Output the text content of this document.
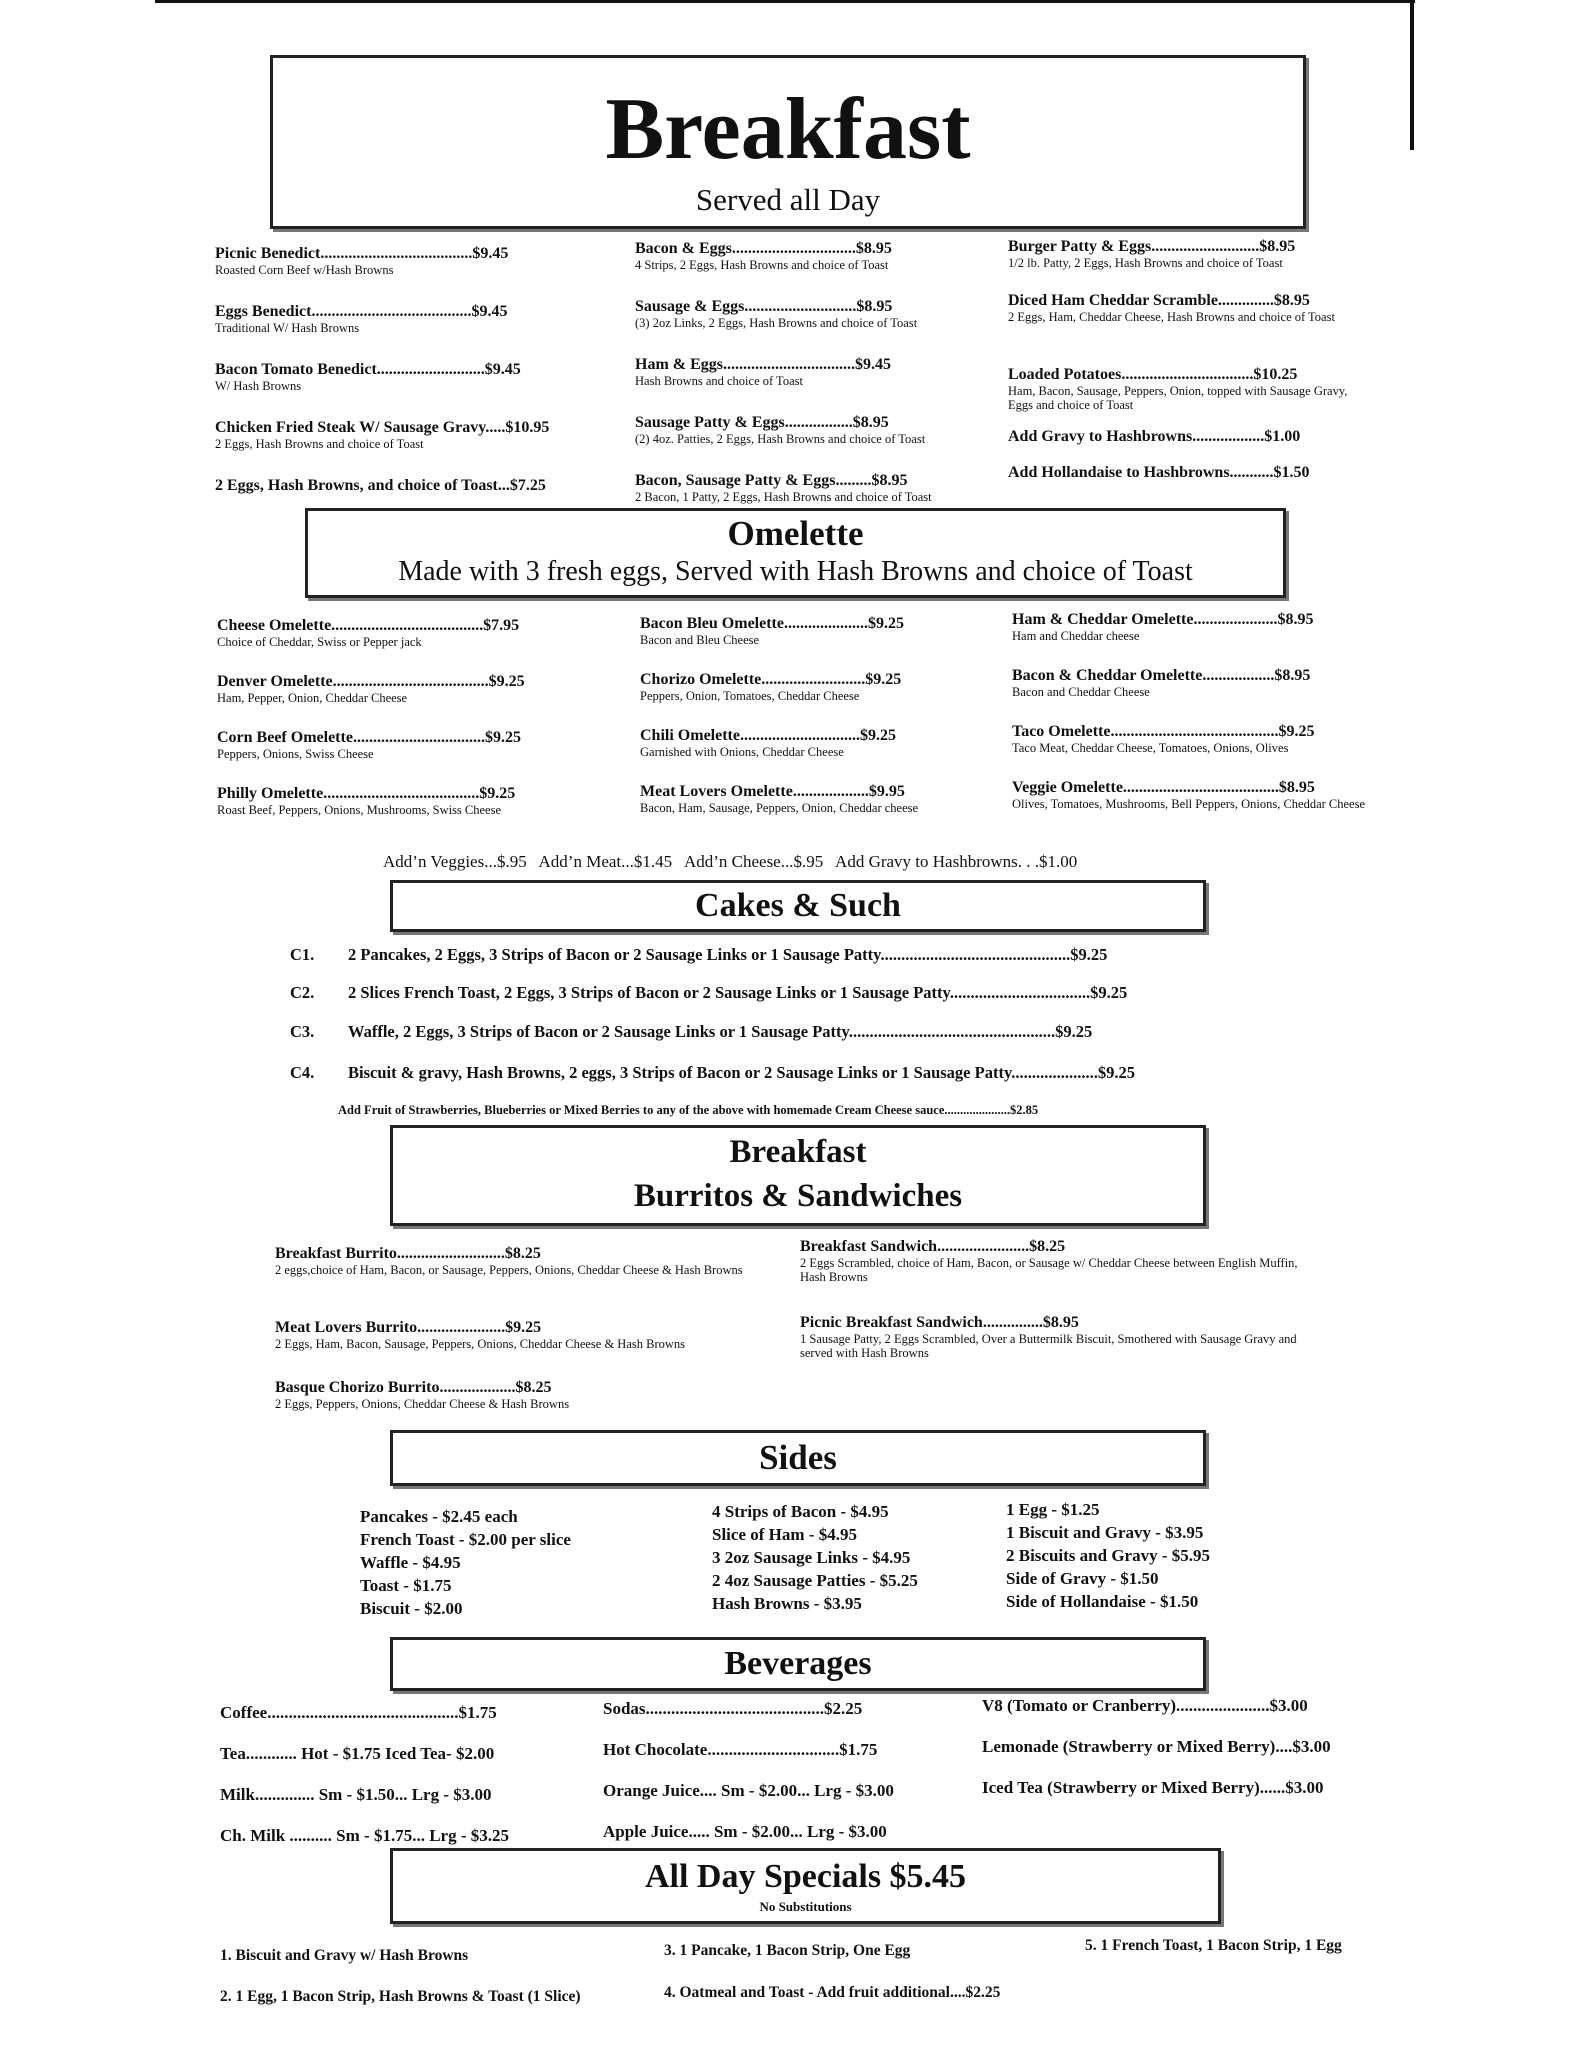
Breakfast
Served all Day
Picnic Benedict......................................$9.45
Roasted Corn Beef w/Hash Browns
Eggs Benedict........................................$9.45
Traditional W/ Hash Browns
Bacon Tomato Benedict...........................$9.45
W/ Hash Browns
Chicken Fried Steak W/ Sausage Gravy.....$10.95
2 Eggs, Hash Browns and choice of Toast
2 Eggs, Hash Browns, and choice of Toast...$7.25
Bacon & Eggs...............................$8.95
4 Strips, 2 Eggs, Hash Browns and choice of Toast
Sausage & Eggs............................$8.95
(3) 2oz Links, 2 Eggs, Hash Browns and choice of Toast
Ham & Eggs.................................$9.45
Hash Browns and choice of Toast
Sausage Patty & Eggs.................$8.95
(2) 4oz. Patties, 2 Eggs, Hash Browns and choice of Toast
Bacon, Sausage Patty & Eggs.........$8.95
2 Bacon, 1 Patty, 2 Eggs, Hash Browns and choice of Toast
Burger Patty & Eggs...........................$8.95
1/2 lb. Patty, 2 Eggs, Hash Browns and choice of Toast
Diced Ham Cheddar Scramble..............$8.95
2 Eggs, Ham, Cheddar Cheese, Hash Browns and choice of Toast
Loaded Potatoes.................................$10.25
Ham, Bacon, Sausage, Peppers, Onion, topped with Sausage Gravy, Eggs and choice of Toast
Add Gravy to Hashbrowns..................$1.00
Add Hollandaise to Hashbrowns...........$1.50
Omelette
Made with 3 fresh eggs, Served with Hash Browns and choice of Toast
Cheese Omelette......................................$7.95
Choice of Cheddar, Swiss or Pepper jack
Denver Omelette.......................................$9.25
Ham, Pepper, Onion, Cheddar Cheese
Corn Beef Omelette.................................$9.25
Peppers, Onions, Swiss Cheese
Philly Omelette.......................................$9.25
Roast Beef, Peppers, Onions, Mushrooms, Swiss Cheese
Bacon Bleu Omelette.....................$9.25
Bacon and Bleu Cheese
Chorizo Omelette..........................$9.25
Peppers, Onion, Tomatoes, Cheddar Cheese
Chili Omelette..............................$9.25
Garnished with Onions, Cheddar Cheese
Meat Lovers Omelette...................$9.95
Bacon, Ham, Sausage, Peppers, Onion, Cheddar cheese
Ham & Cheddar Omelette.....................$8.95
Ham and Cheddar cheese
Bacon & Cheddar Omelette..................$8.95
Bacon and Cheddar Cheese
Taco Omelette..........................................$9.25
Taco Meat, Cheddar Cheese, Tomatoes, Onions, Olives
Veggie Omelette.......................................$8.95
Olives, Tomatoes, Mushrooms, Bell Peppers, Onions, Cheddar Cheese
Add’n Veggies...$.95   Add’n Meat...$1.45   Add’n Cheese...$.95   Add Gravy to Hashbrowns. . .$1.00
Cakes & Such
C1. 2 Pancakes, 2 Eggs, 3 Strips of Bacon or 2 Sausage Links or 1 Sausage Patty..............................................$9.25
C2. 2 Slices French Toast, 2 Eggs, 3 Strips of Bacon or 2 Sausage Links or 1 Sausage Patty..................................$9.25
C3. Waffle, 2 Eggs, 3 Strips of Bacon or 2 Sausage Links or 1 Sausage Patty..................................................$9.25
C4. Biscuit & gravy, Hash Browns, 2 eggs, 3 Strips of Bacon or 2 Sausage Links or 1 Sausage Patty.....................$9.25
Add Fruit of Strawberries, Blueberries or Mixed Berries to any of the above with homemade Cream Cheese sauce.....................$2.85
Breakfast
Burritos & Sandwiches
Breakfast Burrito...........................$8.25
2 eggs,choice of Ham, Bacon, or Sausage, Peppers, Onions, Cheddar Cheese & Hash Browns
Meat Lovers Burrito......................$9.25
2 Eggs, Ham, Bacon, Sausage, Peppers, Onions, Cheddar Cheese & Hash Browns
Basque Chorizo Burrito...................$8.25
2 Eggs, Peppers, Onions, Cheddar Cheese & Hash Browns
Breakfast Sandwich.......................$8.25
2 Eggs Scrambled, choice of Ham, Bacon, or Sausage w/ Cheddar Cheese between English Muffin, Hash Browns
Picnic Breakfast Sandwich...............$8.95
1 Sausage Patty, 2 Eggs Scrambled, Over a Buttermilk Biscuit, Smothered with Sausage Gravy and served with Hash Browns
Sides
Pancakes - $2.45 each
French Toast - $2.00 per slice
Waffle - $4.95
Toast - $1.75
Biscuit - $2.00
4 Strips of Bacon - $4.95
Slice of Ham - $4.95
3 2oz Sausage Links - $4.95
2 4oz Sausage Patties - $5.25
Hash Browns - $3.95
1 Egg - $1.25
1 Biscuit and Gravy - $3.95
2 Biscuits and Gravy - $5.95
Side of Gravy - $1.50
Side of Hollandaise - $1.50
Beverages
Coffee.............................................$1.75
Tea............ Hot - $1.75 Iced Tea- $2.00
Milk.............. Sm - $1.50... Lrg - $3.00
Ch. Milk .......... Sm - $1.75... Lrg - $3.25
Sodas..........................................$2.25
Hot Chocolate...............................$1.75
Orange Juice.... Sm - $2.00... Lrg - $3.00
Apple Juice..... Sm - $2.00... Lrg - $3.00
V8 (Tomato or Cranberry)......................$3.00
Lemonade (Strawberry or Mixed Berry)....$3.00
Iced Tea (Strawberry or Mixed Berry)......$3.00
All Day Specials $5.45
No Substitutions
1. Biscuit and Gravy w/ Hash Browns	3. 1 Pancake, 1 Bacon Strip, One Egg	5. 1 French Toast, 1 Bacon Strip, 1 Egg
2. 1 Egg, 1 Bacon Strip, Hash Browns & Toast (1 Slice)	4. Oatmeal and Toast - Add fruit additional....$2.25
